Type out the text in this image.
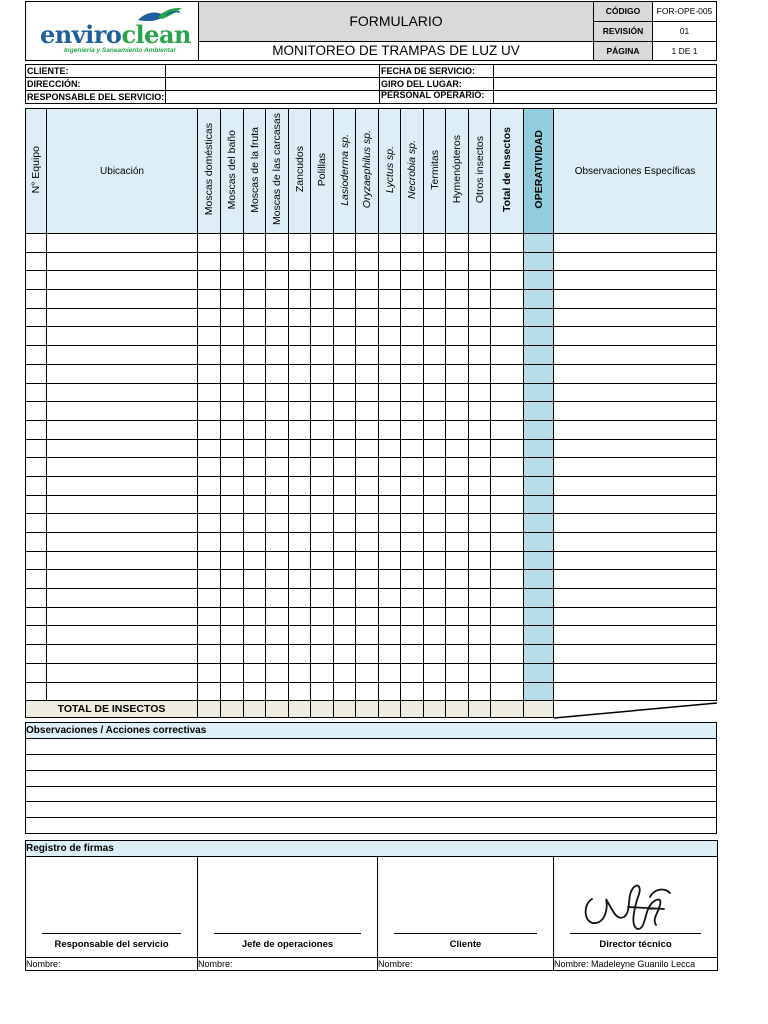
enviroclean
Ingeniería y Saneamiento Ambiental	FORMULARIO	CÓDIGO	FOR-OPE-005
		REVISIÓN	01
	MONITOREO DE TRAMPAS DE LUZ UV	PÁGINA	1 DE 1
CLIENTE:		FECHA DE SERVICIO:	
DIRECCIÓN:		GIRO DEL LUGAR:	
RESPONSABLE DEL SERVICIO:		PERSONAL OPERARIO:	
N° Equipo	Ubicación	Moscas domésticas	Moscas del baño	Moscas de la fruta	Moscas de las carcasas	Zancudos	Polillas	Lasioderma sp.	Oryzaephilus sp.	Lyctus sp.	Necrobia sp.	Termitas	Hymenópteros	Otros insectos	Total de Insectos	OPERATIVIDAD	Observaciones Específicas

TOTAL DE INSECTOS																
Observaciones / Acciones correctivas

Registro de firmas			

Responsable del servicio	Jefe de operaciones	Cliente	Director técnico

Nombre:	Nombre:	Nombre:	Nombre: Madeleyne Guanilo Lecca
